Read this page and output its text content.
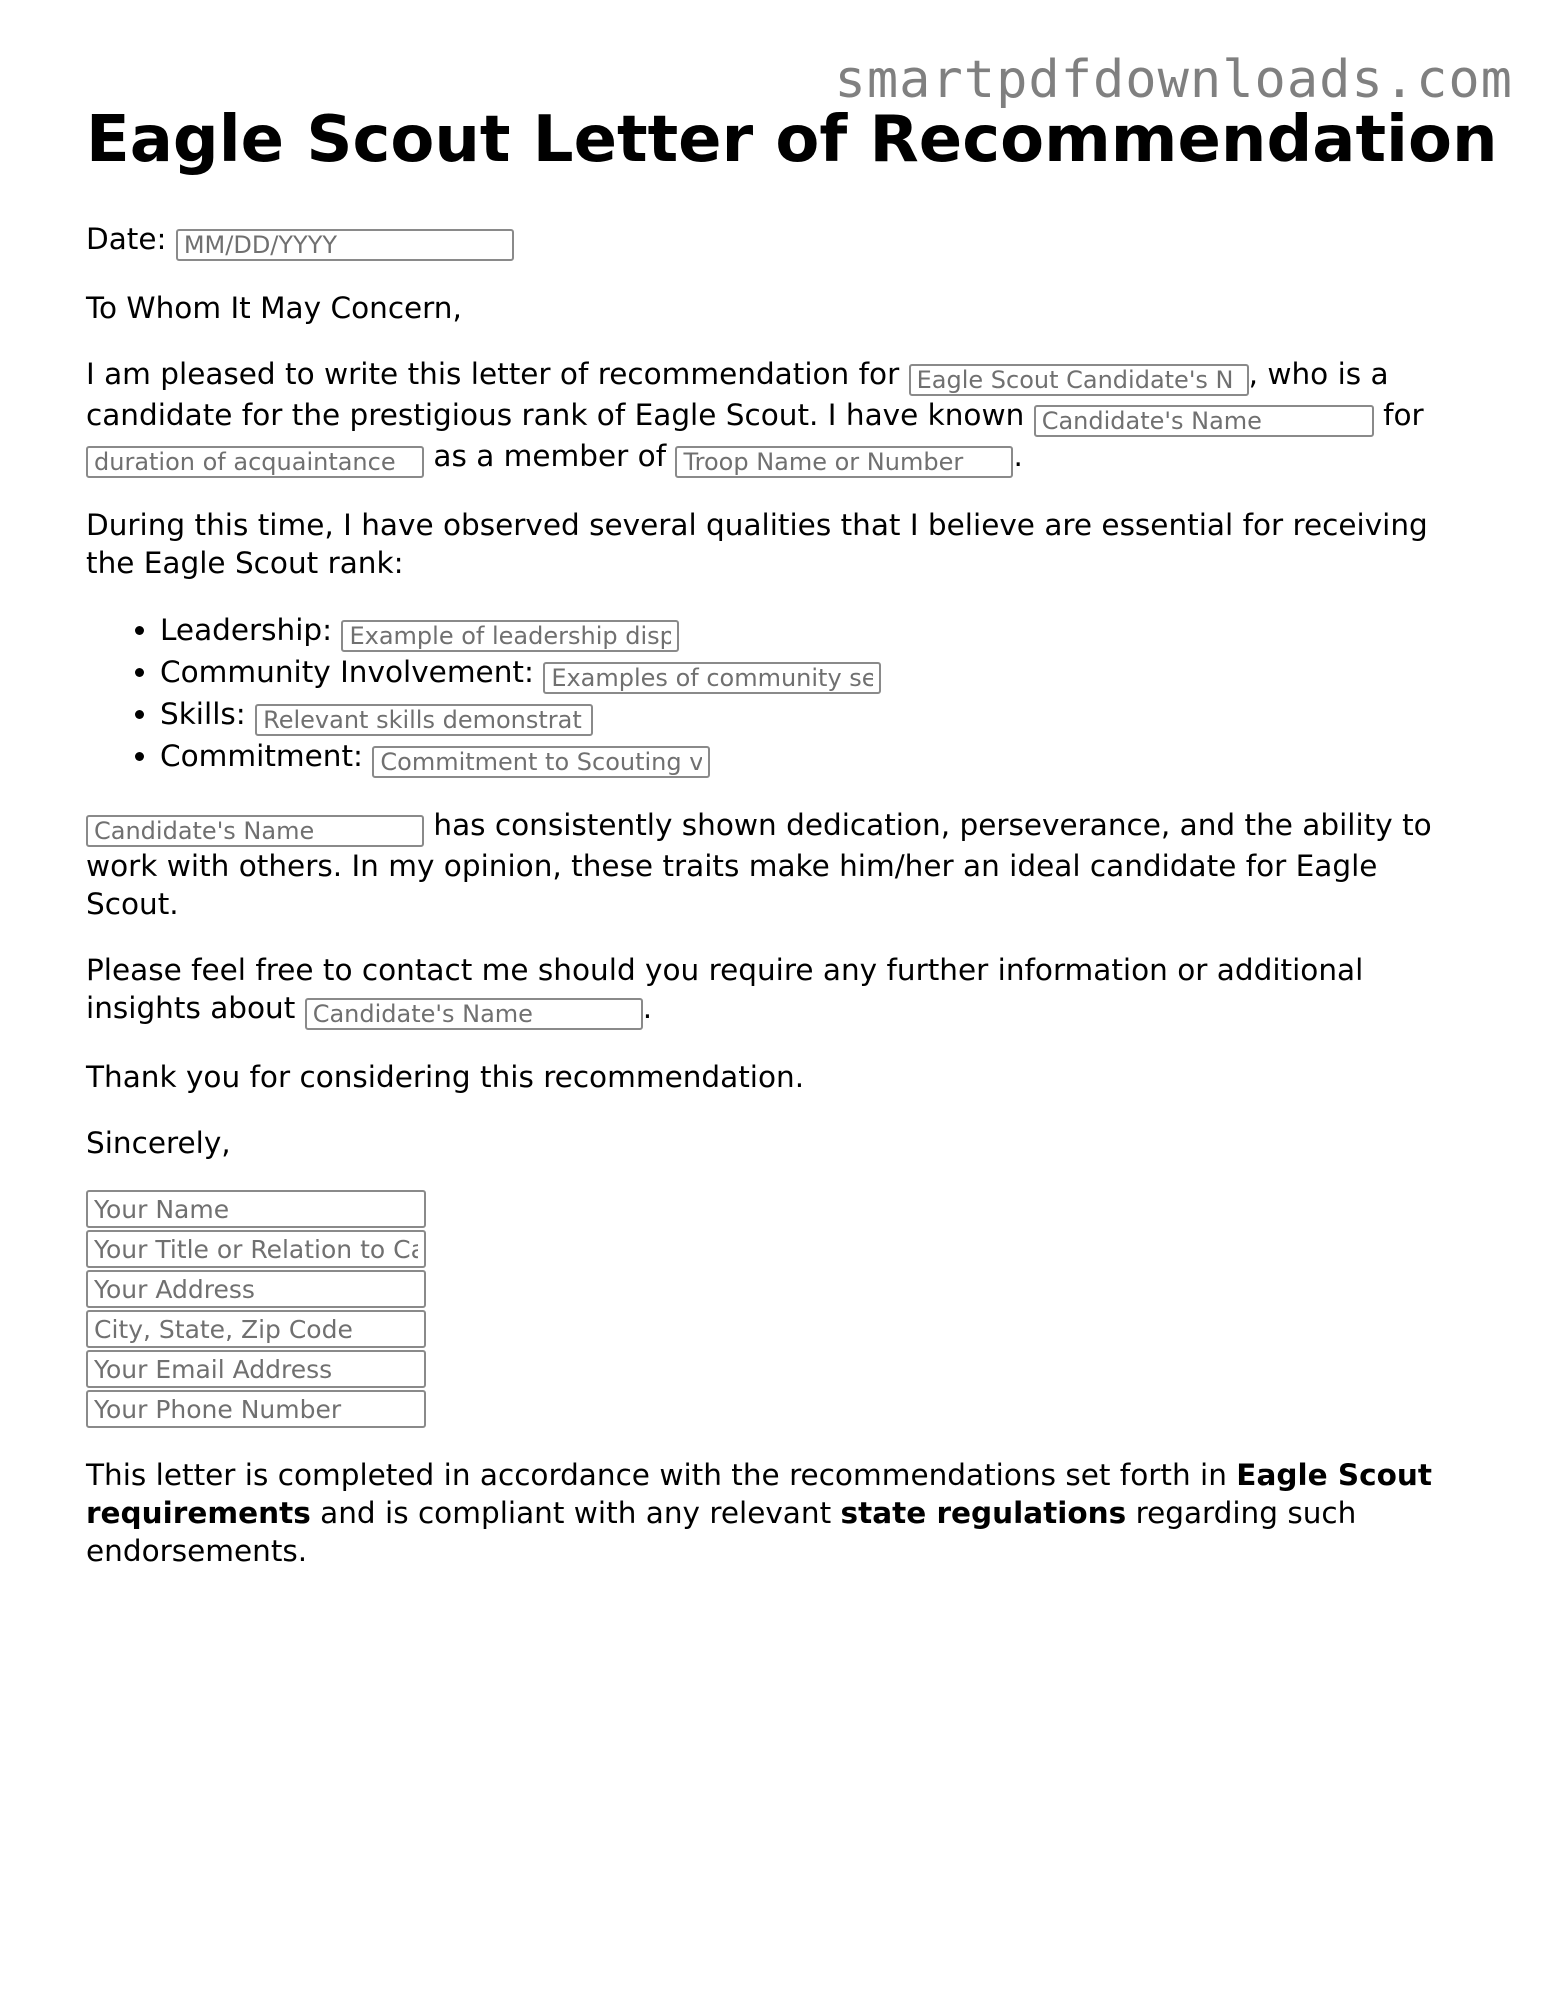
smartpdfdownloads.com
Eagle Scout Letter of Recommendation

Date: MM/DD/YYYY

To Whom It May Concern,

I am pleased to write this letter of recommendation for Eagle Scout Candidate's N	, who is a candidate for the prestigious rank of Eagle Scout. I have known Candidate's Name	for duration of acquaintance as a member of Troop Name or Number	.

During this time, I have observed several qualities that I believe are essential for receiving the Eagle Scout rank:

• Leadership: Example of leadership disp
• Community Involvement: Examples of community se
• Skills: Relevant skills demonstrat
• Commitment: Commitment to Scouting v

Candidate's Name has consistently shown dedication, perseverance, and the ability to work with others. In my opinion, these traits make him/her an ideal candidate for Eagle Scout.

Please feel free to contact me should you require any further information or additional insights about Candidate's Name	.

Thank you for considering this recommendation.

Sincerely,

Your Name
Your Title or Relation to Ca
Your Address
City, State, Zip Code
Your Email Address
Your Phone Number

This letter is completed in accordance with the recommendations set forth in Eagle Scout requirements and is compliant with any relevant state regulations regarding such endorsements.
